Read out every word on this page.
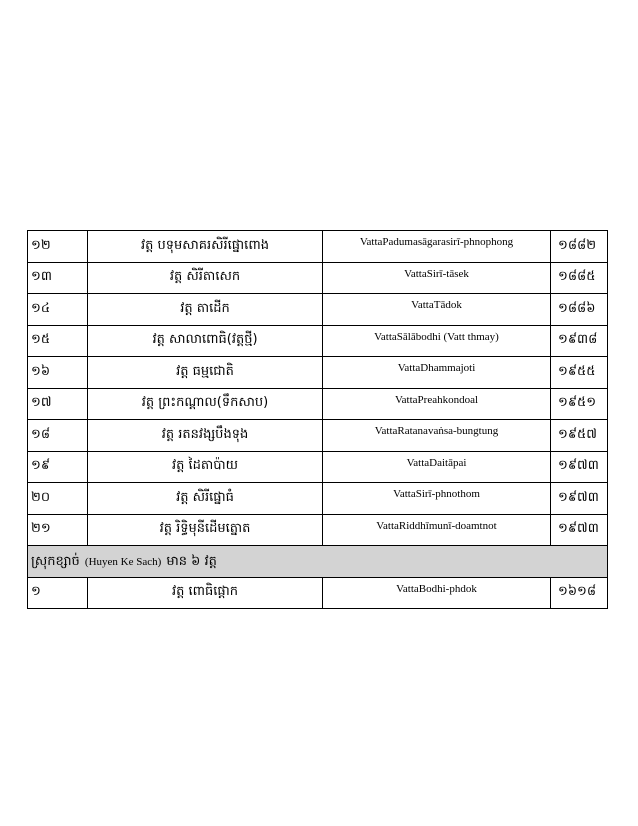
១២	វត្ត បទុមសាគរសិរីផ្នោពោង	VattaPadumasāgarasirī-phnophong	១៨៨២
១៣	វត្ត សិរីតាសេក	VattaSirī-tāsek	១៨៨៥
១៤	វត្ត តាដើក	VattaTādok	១៨៨៦
១៥	វត្ត សាលាពោធិ(វត្តថ្មី)	VattaSālābodhi (Vatt thmay)	១៩៣៨
១៦	វត្ត ធម្មជោតិ	VattaDhammajoti	១៩៥៥
១៧	វត្ត ព្រះកណ្ដាល(ទឹកសាប)	VattaPreahkondoal	១៩៥១
១៨	វត្ត រតនវង្សបឹងទុង	VattaRatanavaṅsa-bungtung	១៩៥៧
១៩	វត្ត ដៃតាប៉ាយ	VattaDaitāpai	១៩៧៣
២០	វត្ត សិរីផ្នោធំ	VattaSirī-phnothom	១៩៧៣
២១	វត្ត រិទ្ធិមុនីដើមត្នោត	VattaRiddhīmunī-doamtnot	១៩៧៣
ស្រុកខ្សាច់ (Huyen Ke Sach) មាន ៦ វត្ត			
១	វត្ត ពោធិផ្ដោក	VattaBodhi-phdok	១៦១៨
